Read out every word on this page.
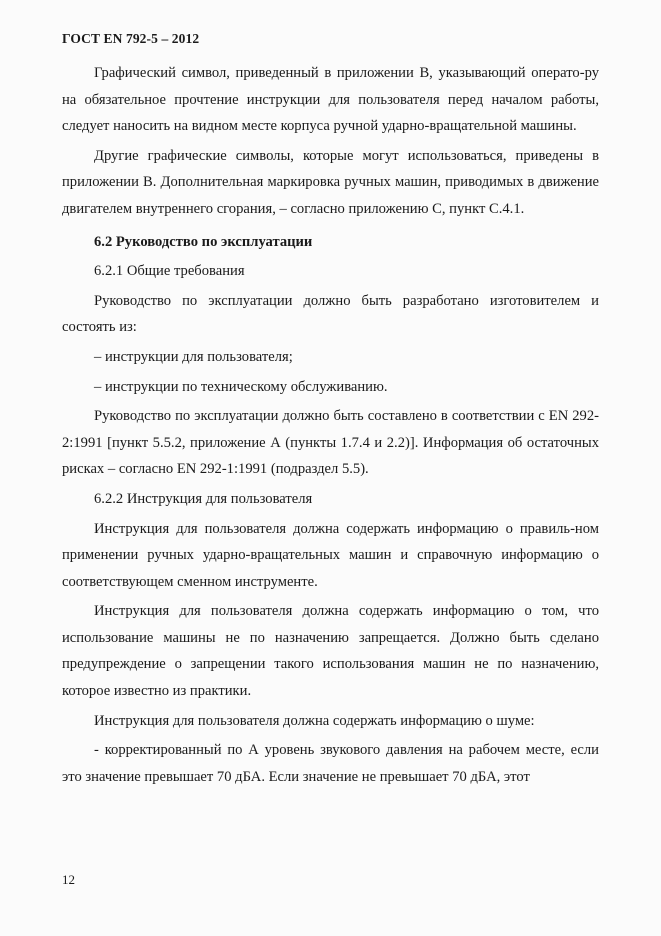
ГОСТ EN 792-5 – 2012

Графический символ, приведенный в приложении В, указывающий операто-ру на обязательное прочтение инструкции для пользователя перед началом работы, следует наносить на видном месте корпуса ручной ударно-вращательной машины.

Другие графические символы, которые могут использоваться, приведены в приложении В. Дополнительная маркировка ручных машин, приводимых в движение двигателем внутреннего сгорания, – согласно приложению С, пункт С.4.1.

6.2 Руководство по эксплуатации

6.2.1 Общие требования

Руководство по эксплуатации должно быть разработано изготовителем и состоять из:

– инструкции для пользователя;

– инструкции по техническому обслуживанию.

Руководство по эксплуатации должно быть составлено в соответствии с EN 292-2:1991 [пункт 5.5.2, приложение А (пункты 1.7.4 и 2.2)]. Информация об остаточных рисках – согласно EN 292-1:1991 (подраздел 5.5).

6.2.2 Инструкция для пользователя

Инструкция для пользователя должна содержать информацию о правиль-ном применении ручных ударно-вращательных машин и справочную информацию о соответствующем сменном инструменте.

Инструкция для пользователя должна содержать информацию о том, что использование машины не по назначению запрещается. Должно быть сделано предупреждение о запрещении такого использования машин не по назначению, которое известно из практики.

Инструкция для пользователя должна содержать информацию о шуме:

- корректированный по А уровень звукового давления на рабочем месте, если это значение превышает 70 дБА. Если значение не превышает 70 дБА, этот

12
